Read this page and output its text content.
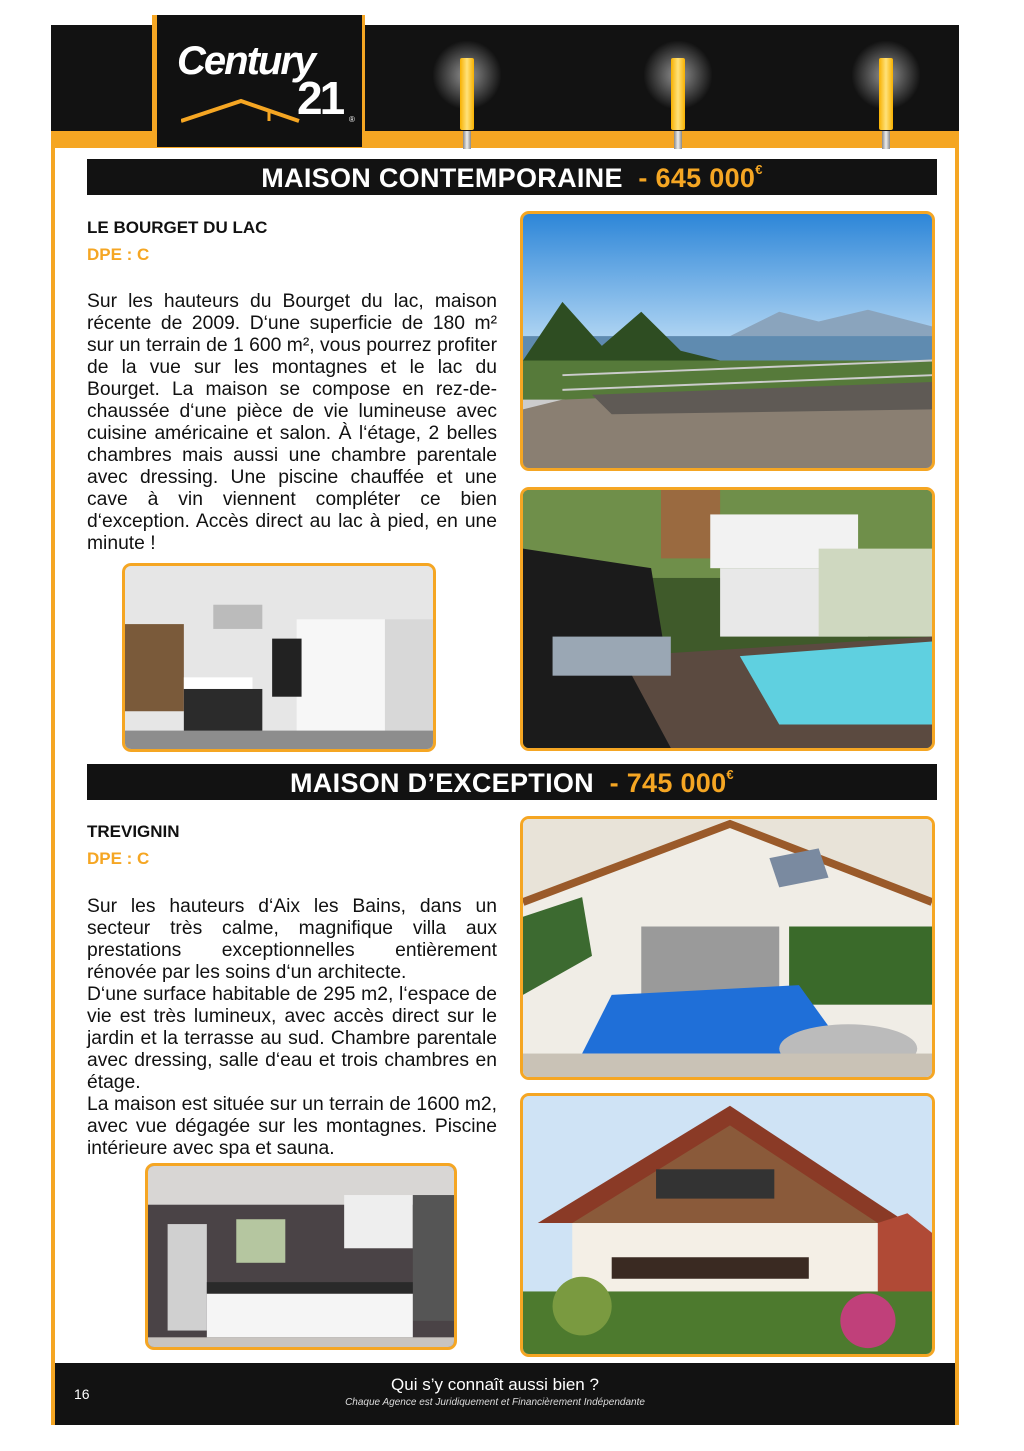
Century
21 ®
MAISON CONTEMPORAINE - 645 000€
LE BOURGET DU LAC
DPE : C

Sur les hauteurs du Bourget du lac, maison récente de 2009. D‘une superficie de 180 m² sur un terrain de 1 600 m², vous pourrez profiter de la vue sur les montagnes et le lac du Bourget. La maison se compose en rez-de-chaussée d‘une pièce de vie lumineuse avec cuisine américaine et salon. À l‘étage, 2 belles chambres mais aussi une chambre parentale avec dressing. Une piscine chauffée et une cave à vin viennent compléter ce bien d‘exception. Accès direct au lac à pied, en une minute !

MAISON D’EXCEPTION - 745 000€
TREVIGNIN
DPE : C

Sur les hauteurs d‘Aix les Bains, dans un secteur très calme, magnifique villa aux prestations exceptionnelles entièrement rénovée par les soins d‘un architecte.
D‘une surface habitable de 295 m2, l‘espace de vie est très lumineux, avec accès direct sur le jardin et la terrasse au sud. Chambre parentale avec dressing, salle d‘eau et trois chambres en étage.
La maison est située sur un terrain de 1600 m2, avec vue dégagée sur les montagnes. Piscine intérieure avec spa et sauna.

16	Qui s’y connaît aussi bien ?
Chaque Agence est Juridiquement et Financièrement Indépendante
